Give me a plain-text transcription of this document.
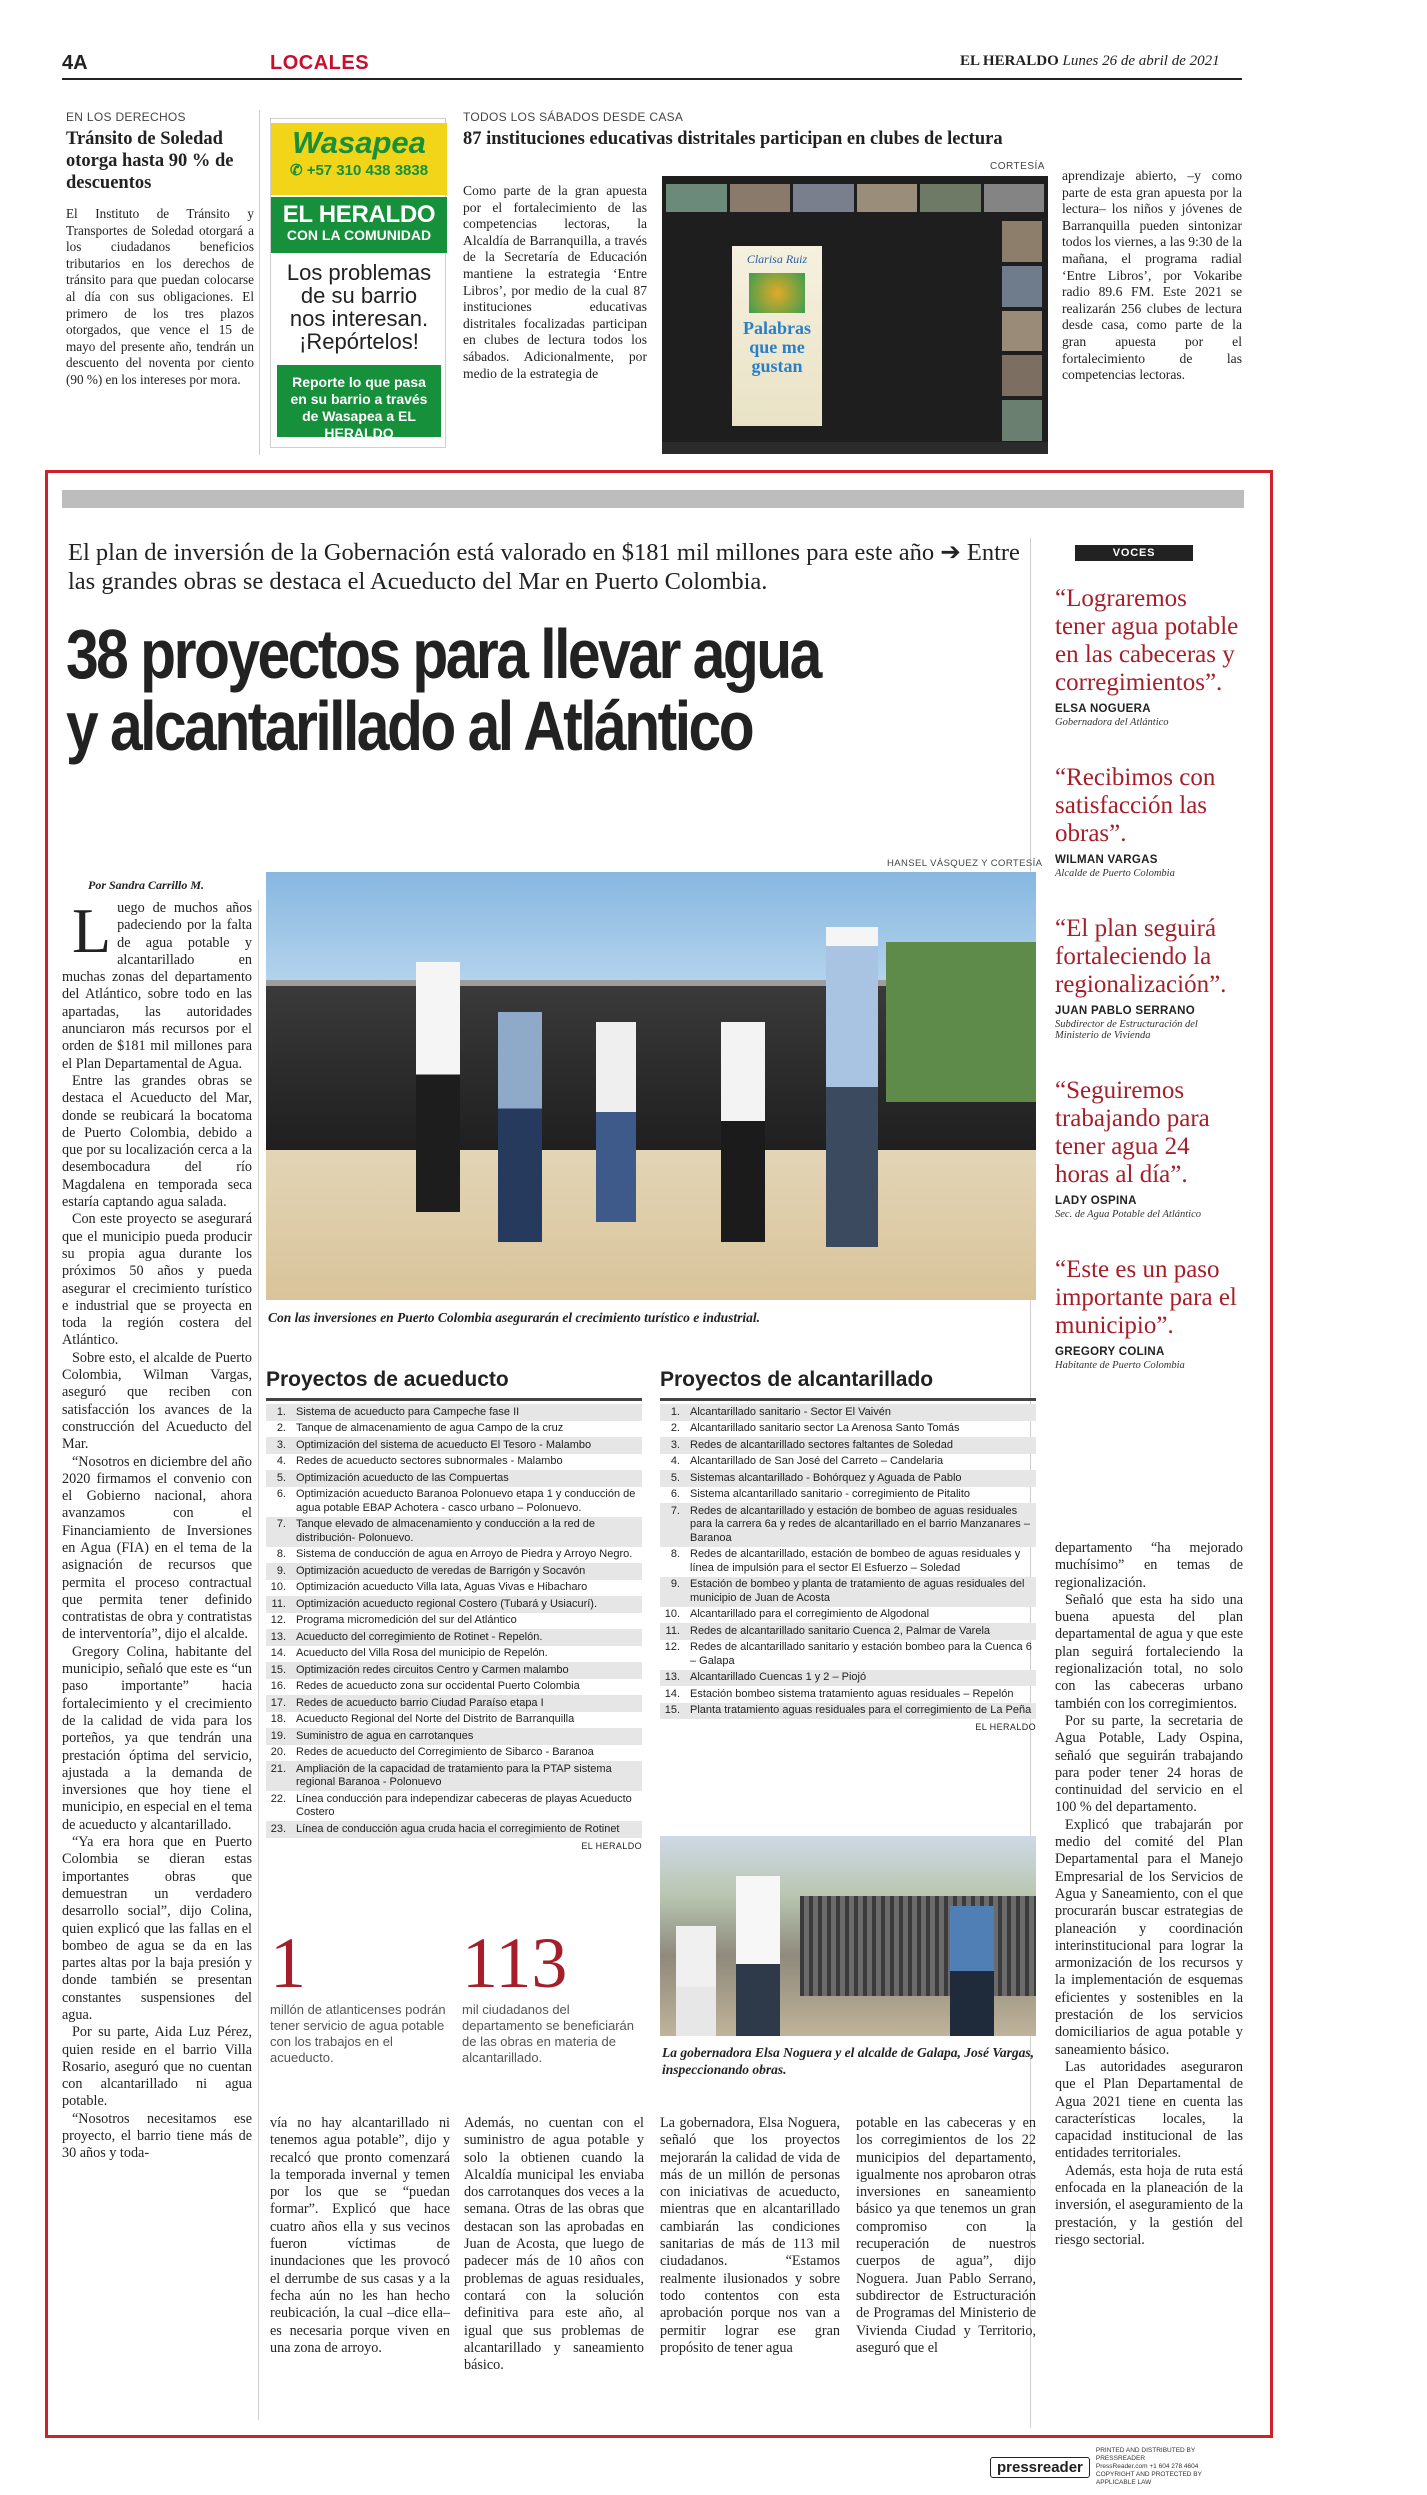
4A	LOCALES	EL HERALDO Lunes 26 de abril de 2021
EN LOS DERECHOS
Tránsito de Soledad otorga hasta 90 % de descuentos

El Instituto de Tránsito y Transportes de Soledad otorgará a los ciudadanos beneficios tributarios en los derechos de tránsito para que puedan colocarse al día con sus obligaciones. El primero de los tres plazos otorgados, que vence el 15 de mayo del presente año, tendrán un descuento del noventa por ciento (90 %) en los intereses por mora.

Wasapea
✆ +57 310 438 3838
EL HERALDO
CON LA COMUNIDAD
Los problemas de su barrio nos interesan. ¡Repórtelos!
Reporte lo que pasa en su barrio a través de Wasapea a EL HERALDO
TODOS LOS SÁBADOS DESDE CASA
87 instituciones educativas distritales participan en clubes de lectura
CORTESÍA

Como parte de la gran apuesta por el fortalecimiento de las competencias lectoras, la Alcaldía de Barranquilla, a través de la Secretaría de Educación mantiene la estrategia ‘Entre Libros’, por medio de la cual 87 instituciones educativas distritales focalizadas participan en clubes de lectura todos los sábados. Adicionalmente, por medio de la estrategia de

Clarisa Ruiz
Palabras que me gustan

aprendizaje abierto, –y como parte de esta gran apuesta por la lectura– los niños y jóvenes de Barranquilla pueden sintonizar todos los viernes, a las 9:30 de la mañana, el programa radial ‘Entre Libros’, por Vokaribe radio 89.6 FM. Este 2021 se realizarán 256 clubes de lectura desde casa, como parte de la gran apuesta por el fortalecimiento de las competencias lectoras.

El plan de inversión de la Gobernación está valorado en $181 mil millones para este año ➔ Entre las grandes obras se destaca el Acueducto del Mar en Puerto Colombia.
38 proyectos para llevar agua
y alcantarillado al Atlántico
VOCES
“Lograremos tener agua potable en las cabeceras y corregimientos”.
ELSA NOGUERA
Gobernadora del Atlántico
“Recibimos con satisfacción las obras”.
WILMAN VARGAS
Alcalde de Puerto Colombia
“El plan seguirá fortaleciendo la regionalización”.
JUAN PABLO SERRANO
Subdirector de Estructuración del Ministerio de Vivienda
“Seguiremos trabajando para tener agua 24 horas al día”.
LADY OSPINA
Sec. de Agua Potable del Atlántico
“Este es un paso importante para el municipio”.
GREGORY COLINA
Habitante de Puerto Colombia
Por Sandra Carrillo M.
HANSEL VÁSQUEZ Y CORTESÍA
Con las inversiones en Puerto Colombia asegurarán el crecimiento turístico e industrial.
L uego de muchos años padeciendo por la falta de agua potable y alcantarillado en muchas zonas del departamento del Atlántico, sobre todo en las apartadas, las autoridades anunciaron más recursos por el orden de $181 mil millones para el Plan Departamental de Agua.

Entre las grandes obras se destaca el Acueducto del Mar, donde se reubicará la bocatoma de Puerto Colombia, debido a que por su localización cerca a la desembocadura del río Magdalena en temporada seca estaría captando agua salada.

Con este proyecto se asegurará que el municipio pueda producir su propia agua durante los próximos 50 años y pueda asegurar el crecimiento turístico e industrial que se proyecta en toda la región costera del Atlántico.

Sobre esto, el alcalde de Puerto Colombia, Wilman Vargas, aseguró que reciben con satisfacción los avances de la construcción del Acueducto del Mar.

“Nosotros en diciembre del año 2020 firmamos el convenio con el Gobierno nacional, ahora avanzamos con el Financiamiento de Inversiones en Agua (FIA) en el tema de la asignación de recursos que permita el proceso contractual que permita tener definido contratistas de obra y contratistas de interventoría”, dijo el alcalde.

Gregory Colina, habitante del municipio, señaló que este es “un paso importante” hacia fortalecimiento y el crecimiento de la calidad de vida para los porteños, ya que tendrán una prestación óptima del servicio, ajustada a la demanda de inversiones que hoy tiene el municipio, en especial en el tema de acueducto y alcantarillado.

“Ya era hora que en Puerto Colombia se dieran estas importantes obras que demuestran un verdadero desarrollo social”, dijo Colina, quien explicó que las fallas en el bombeo de agua se da en las partes altas por la baja presión y donde también se presentan constantes suspensiones del agua.

Por su parte, Aida Luz Pérez, quien reside en el barrio Villa Rosario, aseguró que no cuentan con alcantarillado ni agua potable.

“Nosotros necesitamos ese proyecto, el barrio tiene más de 30 años y toda-

Proyectos de acueducto
1. Sistema de acueducto para Campeche fase II
2. Tanque de almacenamiento de agua Campo de la cruz
3. Optimización del sistema de acueducto El Tesoro - Malambo
4. Redes de acueducto sectores subnormales - Malambo
5. Optimización acueducto de las Compuertas
6. Optimización acueducto Baranoa Polonuevo etapa 1 y conducción de agua potable EBAP Achotera - casco urbano – Polonuevo.
7. Tanque elevado de almacenamiento y conducción a la red de distribución- Polonuevo.
8. Sistema de conducción de agua en Arroyo de Piedra y Arroyo Negro.
9. Optimización acueducto de veredas de Barrigón y Socavón
10. Optimización acueducto Villa Iata, Aguas Vivas e Hibacharo
11. Optimización acueducto regional Costero (Tubará y Usiacurí).
12. Programa micromedición del sur del Atlántico
13. Acueducto del corregimiento de Rotinet - Repelón.
14. Acueducto del Villa Rosa del municipio de Repelón.
15. Optimización redes circuitos Centro y Carmen malambo
16. Redes de acueducto zona sur occidental Puerto Colombia
17. Redes de acueducto barrio Ciudad Paraíso etapa I
18. Acueducto Regional del Norte del Distrito de Barranquilla
19. Suministro de agua en carrotanques
20. Redes de acueducto del Corregimiento de Sibarco - Baranoa
21. Ampliación de la capacidad de tratamiento para la PTAP sistema regional Baranoa - Polonuevo
22. Línea conducción para independizar cabeceras de playas Acueducto Costero
23. Línea de conducción agua cruda hacia el corregimiento de Rotinet
EL HERALDO
Proyectos de alcantarillado
1. Alcantarillado sanitario - Sector El Vaivén
2. Alcantarillado sanitario sector La Arenosa Santo Tomás
3. Redes de alcantarillado sectores faltantes de Soledad
4. Alcantarillado de San José del Carreto – Candelaria
5. Sistemas alcantarillado - Bohórquez y Aguada de Pablo
6. Sistema alcantarillado sanitario - corregimiento de Pitalito
7. Redes de alcantarillado y estación de bombeo de aguas residuales para la carrera 6a y redes de alcantarillado en el barrio Manzanares – Baranoa
8. Redes de alcantarillado, estación de bombeo de aguas residuales y línea de impulsión para el sector El Esfuerzo – Soledad
9. Estación de bombeo y planta de tratamiento de aguas residuales del municipio de Juan de Acosta
10. Alcantarillado para el corregimiento de Algodonal
11. Redes de alcantarillado sanitario Cuenca 2, Palmar de Varela
12. Redes de alcantarillado sanitario y estación bombeo para la Cuenca 6 – Galapa
13. Alcantarillado Cuencas 1 y 2 – Piojó
14. Estación bombeo sistema tratamiento aguas residuales – Repelón
15. Planta tratamiento aguas residuales para el corregimiento de La Peña
EL HERALDO
1
millón de atlanticenses podrán tener servicio de agua potable con los trabajos en el acueducto.
113
mil ciudadanos del departamento se beneficiarán de las obras en materia de alcantarillado.	La gobernadora Elsa Noguera y el alcalde de Galapa, José Vargas, inspeccionando obras.

vía no hay alcantarillado ni tenemos agua potable”, dijo y recalcó que pronto comenzará la temporada invernal y temen por los que se “puedan formar”. Explicó que hace cuatro años ella y sus vecinos fueron víctimas de inundaciones que les provocó el derrumbe de sus casas y a la fecha aún no les han hecho reubicación, la cual –dice ella– es necesaria porque viven en una zona de arroyo.

Además, no cuentan con el suministro de agua potable y solo la obtienen cuando la Alcaldía municipal les enviaba dos carrotanques dos veces a la semana. Otras de las obras que destacan son las aprobadas en Juan de Acosta, que luego de padecer más de 10 años con problemas de aguas residuales, contará con la solución definitiva para este año, al igual que sus problemas de alcantarillado y saneamiento básico.

La gobernadora, Elsa Noguera, señaló que los proyectos mejorarán la calidad de vida de más de un millón de personas con iniciativas de acueducto, mientras que en alcantarillado cambiarán las condiciones sanitarias de más de 113 mil ciudadanos. “Estamos realmente ilusionados y sobre todo contentos con esta aprobación porque nos van a permitir lograr ese gran propósito de tener agua

potable en las cabeceras y en los corregimientos de los 22 municipios del departamento, igualmente nos aprobaron otras inversiones en saneamiento básico ya que tenemos un gran compromiso con la recuperación de nuestros cuerpos de agua”, dijo Noguera. Juan Pablo Serrano, subdirector de Estructuración de Programas del Ministerio de Vivienda Ciudad y Territorio, aseguró que el

departamento “ha mejorado muchísimo” en temas de regionalización.

Señaló que esta ha sido una buena apuesta del plan departamental de agua y que este plan seguirá fortaleciendo la regionalización total, no solo con las cabeceras urbano también con los corregimientos.

Por su parte, la secretaria de Agua Potable, Lady Ospina, señaló que seguirán trabajando para poder tener 24 horas de continuidad del servicio en el 100 % del departamento.

Explicó que trabajarán por medio del comité del Plan Departamental para el Manejo Empresarial de los Servicios de Agua y Saneamiento, con el que procurarán buscar estrategias de planeación y coordinación interinstitucional para lograr la armonización de los recursos y la implementación de esquemas eficientes y sostenibles en la prestación de los servicios domiciliarios de agua potable y saneamiento básico.

Las autoridades aseguraron que el Plan Departamental de Agua 2021 tiene en cuenta las características locales, la capacidad institucional de las entidades territoriales.

Además, esta hoja de ruta está enfocada en la planeación de la inversión, el aseguramiento de la prestación, y la gestión del riesgo sectorial.

pressreader
PRINTED AND DISTRIBUTED BY PRESSREADER
PressReader.com +1 604 278 4604
COPYRIGHT AND PROTECTED BY APPLICABLE LAW
